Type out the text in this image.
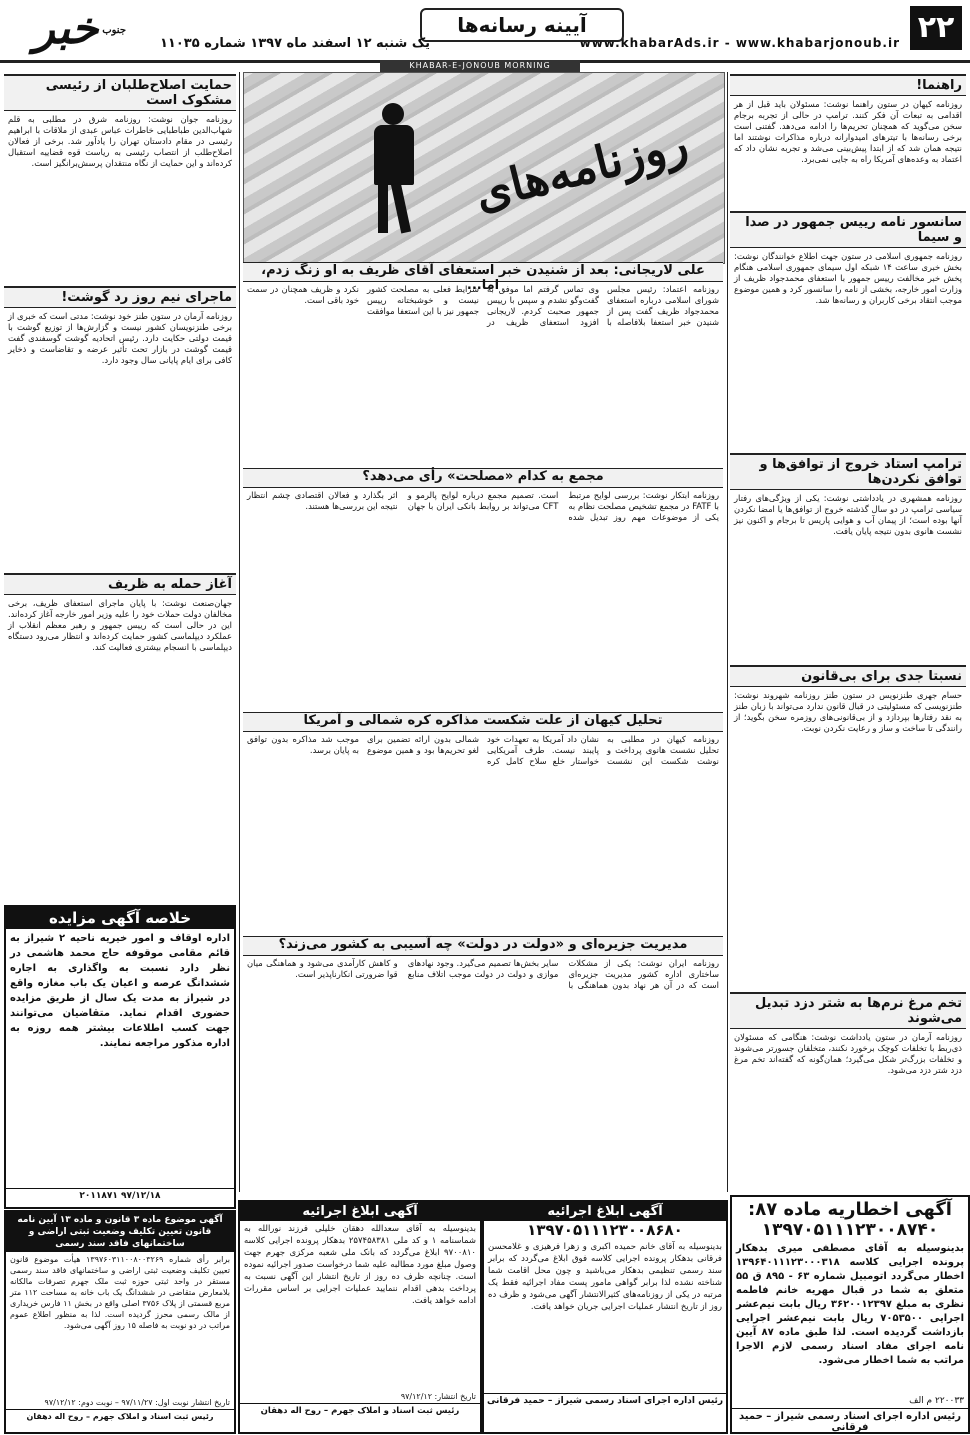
۲۲
www.khabarAds.ir - www.khabarjonoub.ir
آیینه رسانه‌ها
یک شنبه ۱۲ اسفند ماه ۱۳۹۷ شماره ۱۱۰۳۵
خبر جنوب
KHABAR-E-JONOUB MORNING
راهنما!
روزنامه کیهان در ستون راهنما نوشت: مسئولان باید قبل از هر اقدامی به تبعات آن فکر کنند. ترامپ در حالی از تجربه برجام سخن می‌گوید که همچنان تحریم‌ها را ادامه می‌دهد. گفتنی است برخی رسانه‌ها با تیترهای امیدوارانه درباره مذاکرات نوشتند اما نتیجه همان شد که از ابتدا پیش‌بینی می‌شد و تجربه نشان داد که اعتماد به وعده‌های آمریکا راه به جایی نمی‌برد.
سانسور نامه رییس جمهور در صدا و سیما
روزنامه جمهوری اسلامی در ستون جهت اطلاع خوانندگان نوشت: بخش خبری ساعت ۱۴ شبکه اول سیمای جمهوری اسلامی هنگام پخش خبر مخالفت رییس جمهور با استعفای محمدجواد ظریف از وزارت امور خارجه، بخشی از نامه را سانسور کرد و همین موضوع موجب انتقاد برخی کاربران و رسانه‌ها شد.
ترامپ استاد خروج از توافق‌ها و توافق نکردن‌ها
روزنامه همشهری در یادداشتی نوشت: یکی از ویژگی‌های رفتار سیاسی ترامپ در دو سال گذشته خروج از توافق‌ها یا امضا نکردن آنها بوده است؛ از پیمان آب و هوایی پاریس تا برجام و اکنون نیز نشست هانوی بدون نتیجه پایان یافت.
نسبتا جدی برای بی‌قانون
حسام جهری طنزنویس در ستون طنز روزنامه شهروند نوشت: طنزنویسی که مسئولیتی در قبال قانون ندارد می‌تواند با زبان طنز به نقد رفتارها بپردازد و از بی‌قانونی‌های روزمره سخن بگوید؛ از رانندگی تا ساخت و ساز و رعایت نکردن نوبت.
تخم مرغ نرم‌ها به شتر دزد تبدیل می‌شوند
روزنامه آرمان در ستون یادداشت نوشت: هنگامی که مسئولان ذی‌ربط با تخلفات کوچک برخورد نکنند، متخلفان جسورتر می‌شوند و تخلفات بزرگ‌تر شکل می‌گیرد؛ همان‌گونه که گفته‌اند تخم مرغ دزد شتر دزد می‌شود.
روزنامه‌های
علی لاریجانی: بعد از شنیدن خبر استعفای آقای ظریف به او زنگ زدم، اما...	روزنامه اعتماد: رئیس مجلس شورای اسلامی درباره استعفای محمدجواد ظریف گفت پس از شنیدن خبر استعفا بلافاصله با وی تماس گرفتم اما موفق به گفت‌وگو نشدم و سپس با رییس جمهور صحبت کردم. لاریجانی افزود استعفای ظریف در شرایط فعلی به مصلحت کشور نیست و خوشبختانه رییس جمهور نیز با این استعفا موافقت نکرد و ظریف همچنان در سمت خود باقی است.
مجمع به کدام «مصلحت» رأی می‌دهد؟
روزنامه ابتکار نوشت: بررسی لوایح مرتبط با FATF در مجمع تشخیص مصلحت نظام به یکی از موضوعات مهم روز تبدیل شده است. تصمیم مجمع درباره لوایح پالرمو و CFT می‌تواند بر روابط بانکی ایران با جهان اثر بگذارد و فعالان اقتصادی چشم انتظار نتیجه این بررسی‌ها هستند.
تحلیل کیهان از علت شکست مذاکره کره شمالی و آمریکا
روزنامه کیهان در مطلبی به تحلیل نشست هانوی پرداخت و نوشت شکست این نشست نشان داد آمریکا به تعهدات خود پایبند نیست. طرف آمریکایی خواستار خلع سلاح کامل کره شمالی بدون ارائه تضمین برای لغو تحریم‌ها بود و همین موضوع موجب شد مذاکره بدون توافق به پایان برسد.
مدیریت جزیره‌ای و «دولت در دولت» چه آسیبی به کشور می‌زند؟
روزنامه ایران نوشت: یکی از مشکلات ساختاری اداره کشور مدیریت جزیره‌ای است که در آن هر نهاد بدون هماهنگی با سایر بخش‌ها تصمیم می‌گیرد. وجود نهادهای موازی و دولت در دولت موجب اتلاف منابع و کاهش کارآمدی می‌شود و هماهنگی میان قوا ضرورتی انکارناپذیر است.
حمایت اصلاح‌طلبان از رئیسی مشکوک است
روزنامه جوان نوشت: روزنامه شرق در مطلبی به قلم شهاب‌الدین طباطبایی خاطرات عباس عبدی از ملاقات با ابراهیم رئیسی در مقام دادستان تهران را یادآور شد. برخی از فعالان اصلاح‌طلب از انتصاب رئیسی به ریاست قوه قضاییه استقبال کرده‌اند و این حمایت از نگاه منتقدان پرسش‌برانگیز است.
ماجرای نیم روز رد گوشت!
روزنامه آرمان در ستون طنز خود نوشت: مدتی است که خبری از برخی طنزنویسان کشور نیست و گزارش‌ها از توزیع گوشت با قیمت دولتی حکایت دارد. رئیس اتحادیه گوشت گوسفندی گفت قیمت گوشت در بازار تحت تأثیر عرضه و تقاضاست و ذخایر کافی برای ایام پایانی سال وجود دارد.
آغاز حمله به ظریف
جهان‌صنعت نوشت: با پایان ماجرای استعفای ظریف، برخی مخالفان دولت حملات خود را علیه وزیر امور خارجه آغاز کرده‌اند. این در حالی است که رییس جمهور و رهبر معظم انقلاب از عملکرد دیپلماسی کشور حمایت کرده‌اند و انتظار می‌رود دستگاه دیپلماسی با انسجام بیشتری فعالیت کند.
خلاصه آگهی مزایده
اداره اوقاف و امور خیریه ناحیه ۲ شیراز به قائم مقامی موقوفه حاج محمد هاشمی در نظر دارد نسبت به واگذاری به اجاره ششدانگ عرصه و اعیان یک باب مغازه واقع در شیراز به مدت یک سال از طریق مزایده حضوری اقدام نماید. متقاضیان می‌توانند جهت کسب اطلاعات بیشتر همه روزه به اداره مذکور مراجعه نمایند.
۹۷/۱۲/۱۸ ۲۰۱۱۸۷۱
آگهی موضوع ماده ۳ قانون و ماده ۱۳ آیین نامه قانون تعیین تکلیف وضعیت ثبتی اراضی و ساختمانهای فاقد سند رسمی
برابر رأی شماره ۱۳۹۷۶۰۳۱۱۰۰۸۰۰۳۲۶۹ هیأت موضوع قانون تعیین تکلیف وضعیت ثبتی اراضی و ساختمانهای فاقد سند رسمی مستقر در واحد ثبتی حوزه ثبت ملک جهرم تصرفات مالکانه بلامعارض متقاضی در ششدانگ یک باب خانه به مساحت ۱۱۲ متر مربع قسمتی از پلاک ۳۷۵۶ اصلی واقع در بخش ۱۱ فارس خریداری از مالک رسمی محرز گردیده است. لذا به منظور اطلاع عموم مراتب در دو نوبت به فاصله ۱۵ روز آگهی می‌شود.
تاریخ انتشار نوبت اول: ۹۷/۱۱/۲۷ – نوبت دوم: ۹۷/۱۲/۱۲
رئیس ثبت اسناد و املاک جهرم – روح اله دهقان
آگهی ابلاغ اجرائیه
بدینوسیله به آقای سعدالله دهقان خلیلی فرزند نورالله به شماسنامه ۱ و کد ملی ۲۵۷۴۵۸۳۸۱ بدهکار پرونده اجرایی کلاسه ۹۷۰۰۸۱۰ ابلاغ می‌گردد که بانک ملی شعبه مرکزی جهرم جهت وصول مبلغ مورد مطالبه علیه شما درخواست صدور اجرائیه نموده است. چنانچه ظرف ده روز از تاریخ انتشار این آگهی نسبت به پرداخت بدهی اقدام ننمایید عملیات اجرایی بر اساس مقررات ادامه خواهد یافت.
تاریخ انتشار: ۹۷/۱۲/۱۲
رئیس ثبت اسناد و املاک جهرم – روح اله دهقان
آگهی ابلاغ اجرائیه
۱۳۹۷۰۵۱۱۱۲۳۰۰۸۶۸۰
بدینوسیله به آقای خانم حمیده اکبری و زهرا فرهیزی و غلامحسن فرقانی بدهکار پرونده اجرایی کلاسه فوق ابلاغ می‌گردد که برابر سند رسمی تنظیمی بدهکار می‌باشید و چون محل اقامت شما شناخته نشده لذا برابر گواهی مامور پست مفاد اجرائیه فقط یک مرتبه در یکی از روزنامه‌های کثیرالانتشار آگهی می‌شود و ظرف ده روز از تاریخ انتشار عملیات اجرایی جریان خواهد یافت.
رئیس اداره اجرای اسناد رسمی شیراز – حمید فرقانی
آگهی اخطاریه ماده ۸۷:
۱۳۹۷۰۵۱۱۱۲۳۰۰۸۷۴۰
بدینوسیله به آقای مصطفی میری بدهکار پرونده اجرایی کلاسه ۱۳۹۶۴۰۱۱۱۲۳۰۰۰۳۱۸ اخطار می‌گردد اتومبیل شماره ۶۳ - ۸۹۵ ق ۵۵ متعلق به شما در قبال مهریه خانم فاطمه نظری به مبلغ ۳۶۲۰۰۱۲۳۹۷ ریال بابت نیم‌عشر اجرایی ۷۰۵۳۵۰۰ ریال بابت نیم‌عشر اجرایی بازداشت گردیده است. لذا طبق ماده ۸۷ آیین نامه اجرای مفاد اسناد رسمی لازم الاجرا مراتب به شما اخطار می‌شود.
۲۲۰۰۳۳ م الف
رئیس اداره اجرای اسناد رسمی شیراز – حمید فرقانی
